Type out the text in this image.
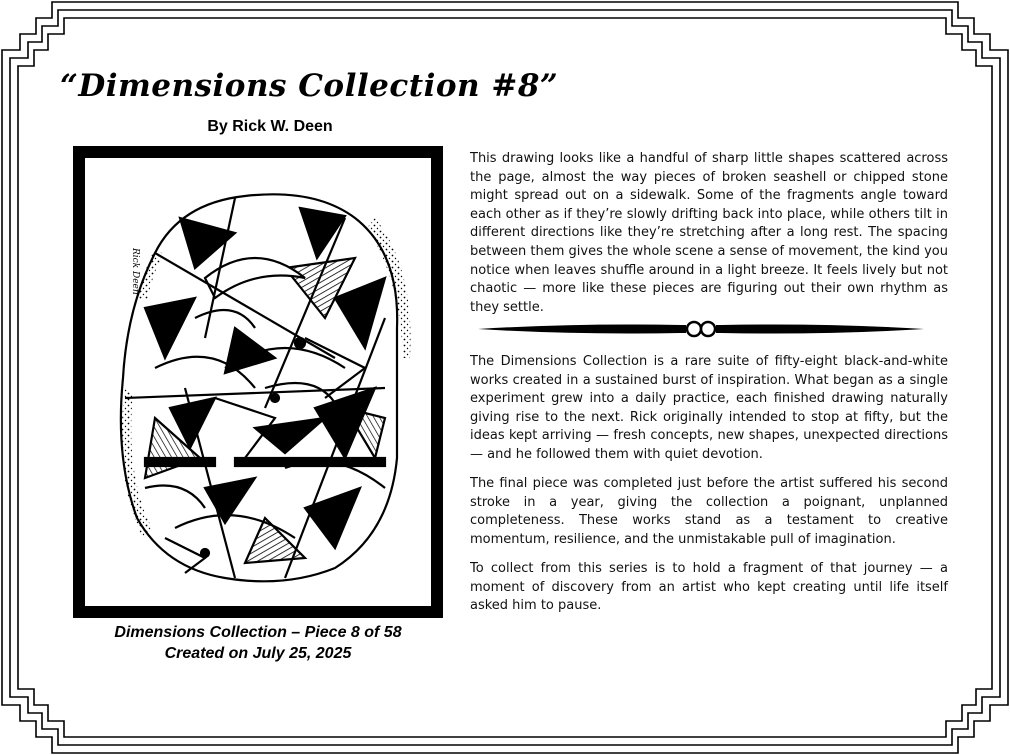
“Dimensions Collection #8”
By Rick W. Deen
Rick Deen
Dimensions Collection – Piece 8 of 58
Created on July 25, 2025

This drawing looks like a handful of sharp little shapes scattered across the page, almost the way pieces of broken seashell or chipped stone might spread out on a sidewalk. Some of the fragments angle toward each other as if they’re slowly drifting back into place, while others tilt in different directions like they’re stretching after a long rest. The spacing between them gives the whole scene a sense of movement, the kind you notice when leaves shuffle around in a light breeze. It feels lively but not chaotic — more like these pieces are figuring out their own rhythm as they settle.

The Dimensions Collection is a rare suite of fifty-eight black-and-white works created in a sustained burst of inspiration. What began as a single experiment grew into a daily practice, each finished drawing naturally giving rise to the next. Rick originally intended to stop at fifty, but the ideas kept arriving — fresh concepts, new shapes, unexpected directions — and he followed them with quiet devotion.

The final piece was completed just before the artist suffered his second stroke in a year, giving the collection a poignant, unplanned completeness. These works stand as a testament to creative momentum, resilience, and the unmistakable pull of imagination.

To collect from this series is to hold a fragment of that journey — a moment of discovery from an artist who kept creating until life itself asked him to pause.
